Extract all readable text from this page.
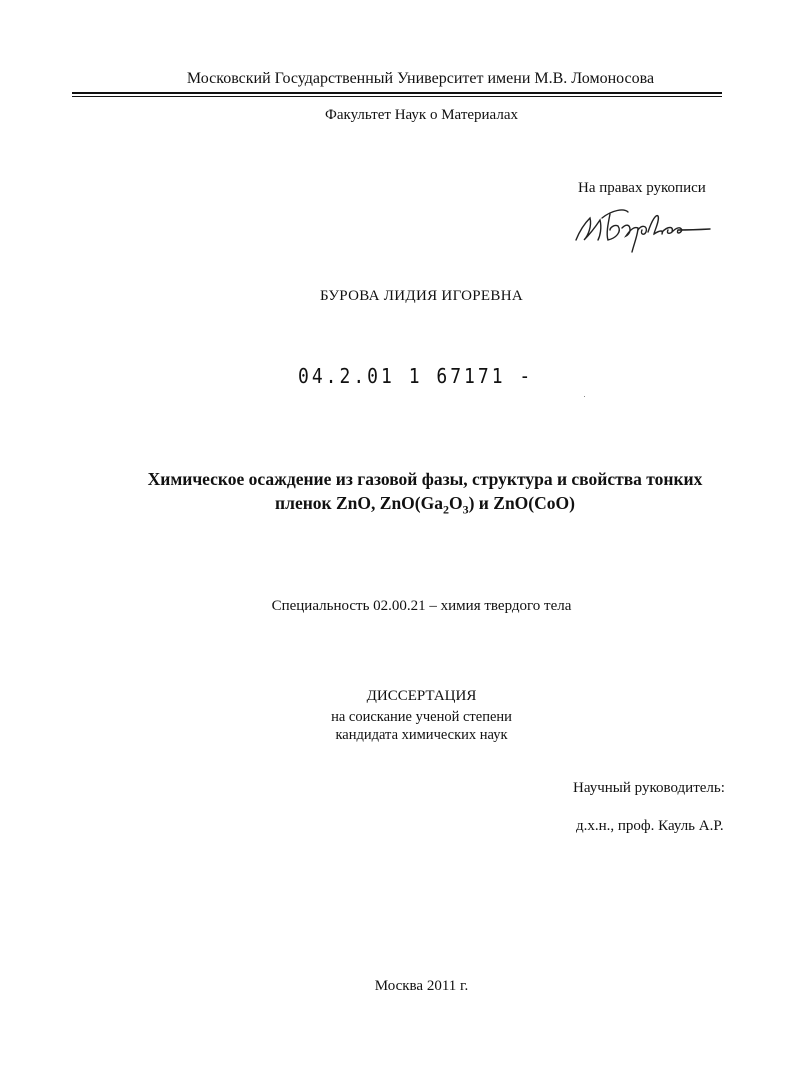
Московский Государственный Университет имени М.В. Ломоносова
Факультет Наук о Материалах
На правах рукописи
БУРОВА ЛИДИЯ ИГОРЕВНА
04.2.01 1 67171 -
Химическое осаждение из газовой фазы, структура и свойства тонких
пленок ZnO, $ZnO(Ga_2O_3)$ и ZnO(CoO)
Специальность 02.00.21 – химия твердого тела
ДИССЕРТАЦИЯ
на соискание ученой степени
кандидата химических наук
Научный руководитель:
д.х.н., проф. Кауль А.Р.
Москва 2011 г.
